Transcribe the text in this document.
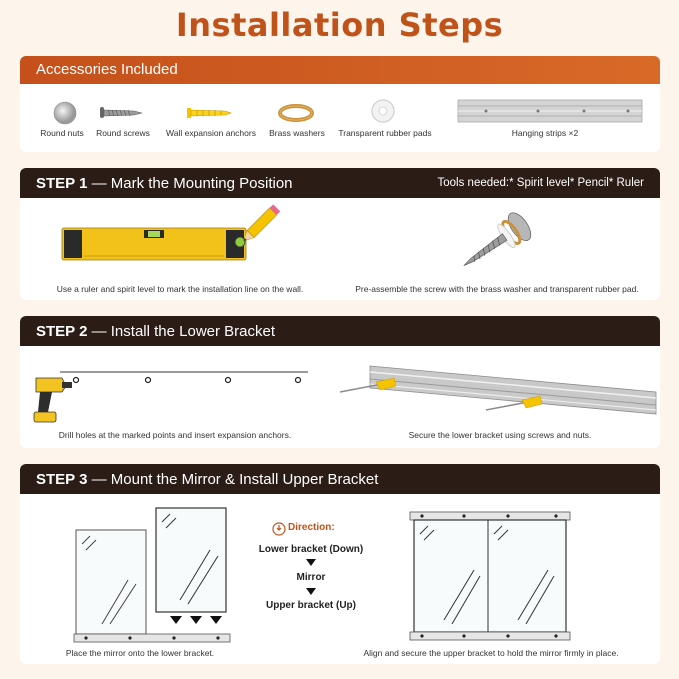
Installation Steps
Accessories Included
Round nuts	Round screws	Wall expansion anchors	Brass washers	Transparent rubber pads	Hanging strips ×2
STEP 1 — Mark the Mounting Position	Tools needed:* Spirit level* Pencil* Ruler
Use a ruler and spirit level to mark the installation line on the wall.	Pre-assemble the screw with the brass washer and transparent rubber pad.
STEP 2 — Install the Lower Bracket
Drill holes at the marked points and insert expansion anchors.	Secure the lower bracket using screws and nuts.
STEP 3 — Mount the Mirror & Install Upper Bracket
Place the mirror onto the lower bracket.
Direction:
Lower bracket (Down)
Mirror
Upper bracket (Up)
Align and secure the upper bracket to hold the mirror firmly in place.
